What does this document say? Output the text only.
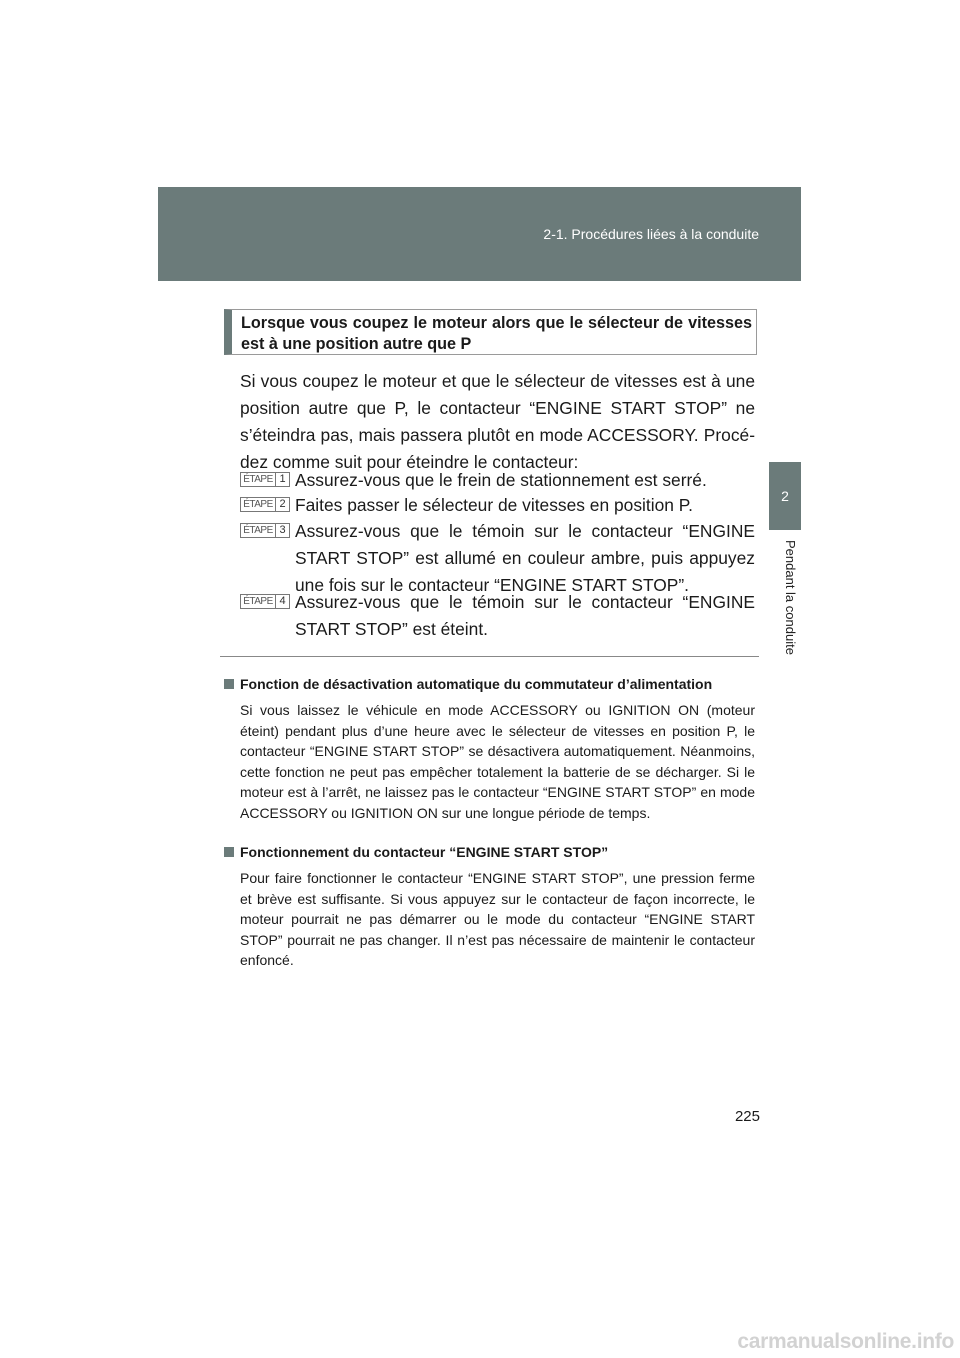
2-1. Procédures liées à la conduite
2
Pendant la conduite
Lorsque vous coupez le moteur alors que le sélecteur de vitesses est à une position autre que P
Si vous coupez le moteur et que le sélecteur de vitesses est à une position autre que P, le contacteur “ENGINE START STOP” ne s’éteindra pas, mais passera plutôt en mode ACCESSORY. Procédez comme suit pour éteindre le contacteur:
ÉTAPE 1 Assurez-vous que le frein de stationnement est serré.
ÉTAPE 2 Faites passer le sélecteur de vitesses en position P.
ÉTAPE 3 Assurez-vous que le témoin sur le contacteur “ENGINE START STOP” est allumé en couleur ambre, puis appuyez une fois sur le contacteur “ENGINE START STOP”.
ÉTAPE 4 Assurez-vous que le témoin sur le contacteur “ENGINE START STOP” est éteint.
Fonction de désactivation automatique du commutateur d’alimentation
Si vous laissez le véhicule en mode ACCESSORY ou IGNITION ON (moteur éteint) pendant plus d’une heure avec le sélecteur de vitesses en position P, le contacteur “ENGINE START STOP” se désactivera automatiquement. Néanmoins, cette fonction ne peut pas empêcher totalement la batterie de se décharger. Si le moteur est à l’arrêt, ne laissez pas le contacteur “ENGINE START STOP” en mode ACCESSORY ou IGNITION ON sur une longue période de temps.
Fonctionnement du contacteur “ENGINE START STOP”
Pour faire fonctionner le contacteur “ENGINE START STOP”, une pression ferme et brève est suffisante. Si vous appuyez sur le contacteur de façon incorrecte, le moteur pourrait ne pas démarrer ou le mode du contacteur “ENGINE START STOP” pourrait ne pas changer. Il n’est pas nécessaire de maintenir le contacteur enfoncé.
225
carmanualsonline.info
